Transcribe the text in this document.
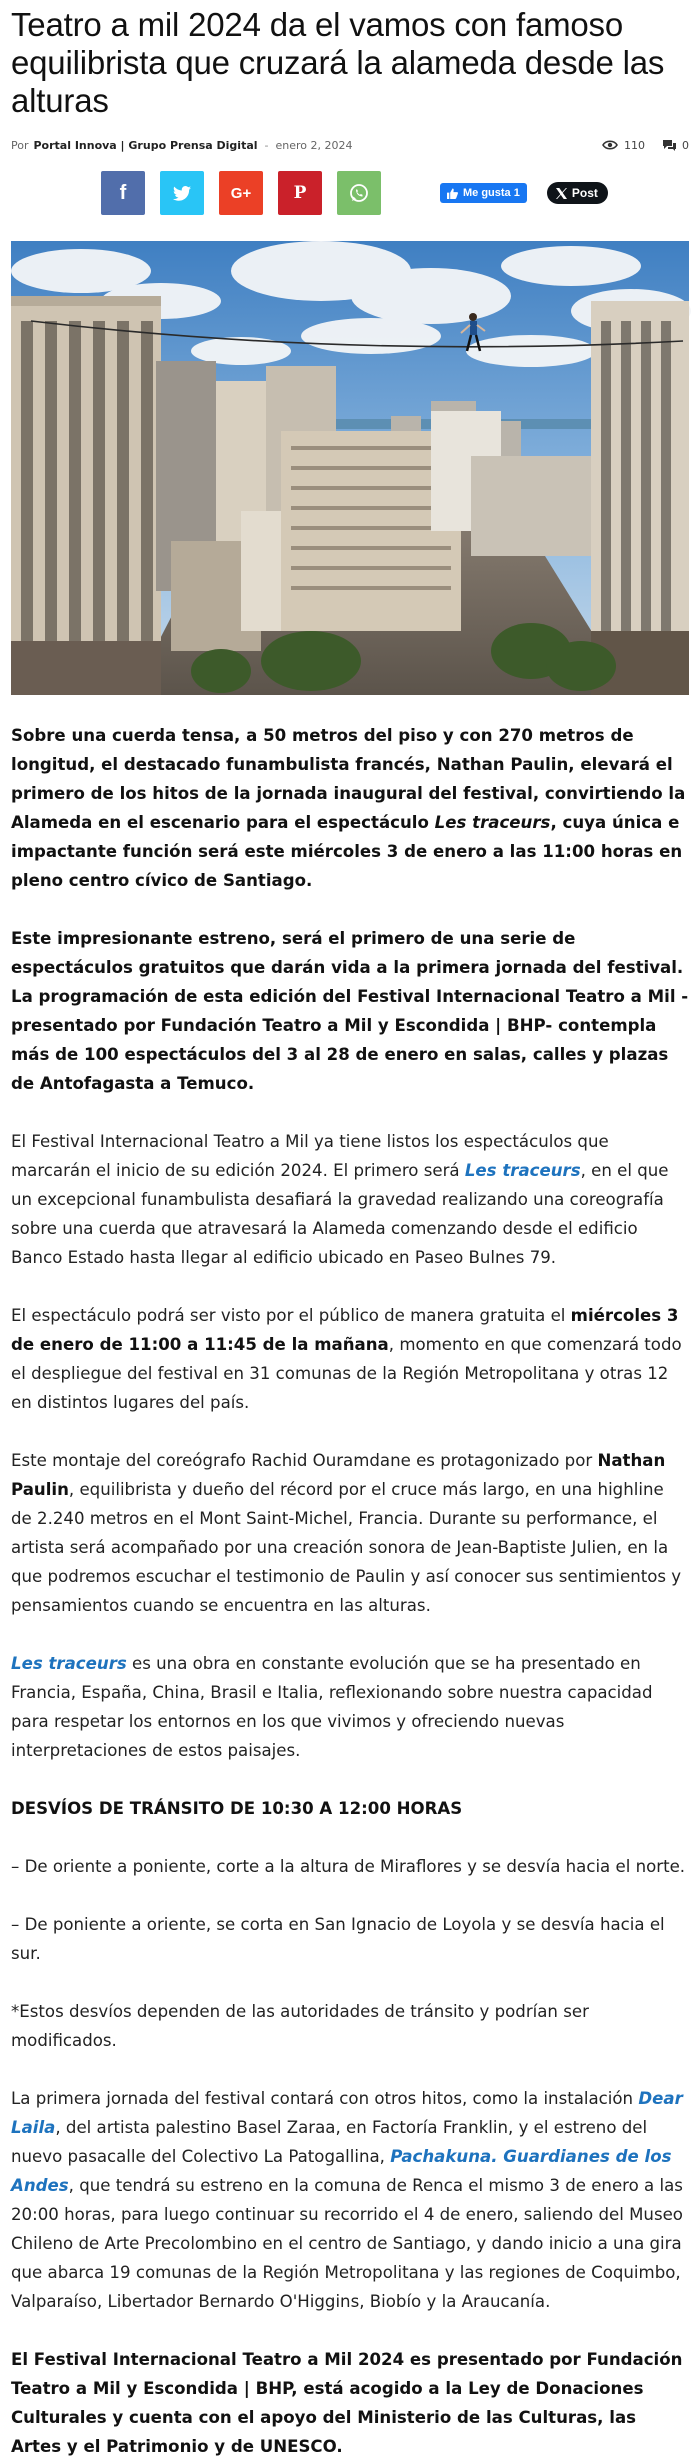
Teatro a mil 2024 da el vamos con famoso equilibrista que cruzará la alameda desde las alturas
Por Portal Innova | Grupo Prensa Digital - enero 2, 2024	110	0
f	G+ P	Me gusta 1	Post

Sobre una cuerda tensa, a 50 metros del piso y con 270 metros de longitud, el destacado funambulista francés, Nathan Paulin, elevará el primero de los hitos de la jornada inaugural del festival, convirtiendo la Alameda en el escenario para el espectáculo Les traceurs, cuya única e impactante función será este miércoles 3 de enero a las 11:00 horas en pleno centro cívico de Santiago.

Este impresionante estreno, será el primero de una serie de espectáculos gratuitos que darán vida a la primera jornada del festival. La programación de esta edición del Festival Internacional Teatro a Mil -presentado por Fundación Teatro a Mil y Escondida | BHP- contempla más de 100 espectáculos del 3 al 28 de enero en salas, calles y plazas de Antofagasta a Temuco.

El Festival Internacional Teatro a Mil ya tiene listos los espectáculos que marcarán el inicio de su edición 2024. El primero será Les traceurs, en el que un excepcional funambulista desafiará la gravedad realizando una coreografía sobre una cuerda que atravesará la Alameda comenzando desde el edificio Banco Estado hasta llegar al edificio ubicado en Paseo Bulnes 79.

El espectáculo podrá ser visto por el público de manera gratuita el miércoles 3 de enero de 11:00 a 11:45 de la mañana, momento en que comenzará todo el despliegue del festival en 31 comunas de la Región Metropolitana y otras 12 en distintos lugares del país.

Este montaje del coreógrafo Rachid Ouramdane es protagonizado por Nathan Paulin, equilibrista y dueño del récord por el cruce más largo, en una highline de 2.240 metros en el Mont Saint-Michel, Francia. Durante su performance, el artista será acompañado por una creación sonora de Jean-Baptiste Julien, en la que podremos escuchar el testimonio de Paulin y así conocer sus sentimientos y pensamientos cuando se encuentra en las alturas.

Les traceurs es una obra en constante evolución que se ha presentado en Francia, España, China, Brasil e Italia, reflexionando sobre nuestra capacidad para respetar los entornos en los que vivimos y ofreciendo nuevas interpretaciones de estos paisajes.

DESVÍOS DE TRÁNSITO DE 10:30 A 12:00 HORAS

– De oriente a poniente, corte a la altura de Miraflores y se desvía hacia el norte.

– De poniente a oriente, se corta en San Ignacio de Loyola y se desvía hacia el sur.

*Estos desvíos dependen de las autoridades de tránsito y podrían ser modificados.

La primera jornada del festival contará con otros hitos, como la instalación Dear Laila, del artista palestino Basel Zaraa, en Factoría Franklin, y el estreno del nuevo pasacalle del Colectivo La Patogallina, Pachakuna. Guardianes de los Andes, que tendrá su estreno en la comuna de Renca el mismo 3 de enero a las 20:00 horas, para luego continuar su recorrido el 4 de enero, saliendo del Museo Chileno de Arte Precolombino en el centro de Santiago, y dando inicio a una gira que abarca 19 comunas de la Región Metropolitana y las regiones de Coquimbo, Valparaíso, Libertador Bernardo O'Higgins, Biobío y la Araucanía.

El Festival Internacional Teatro a Mil 2024 es presentado por Fundación Teatro a Mil y Escondida | BHP, está acogido a la Ley de Donaciones Culturales y cuenta con el apoyo del Ministerio de las Culturas, las Artes y el Patrimonio y de UNESCO.
